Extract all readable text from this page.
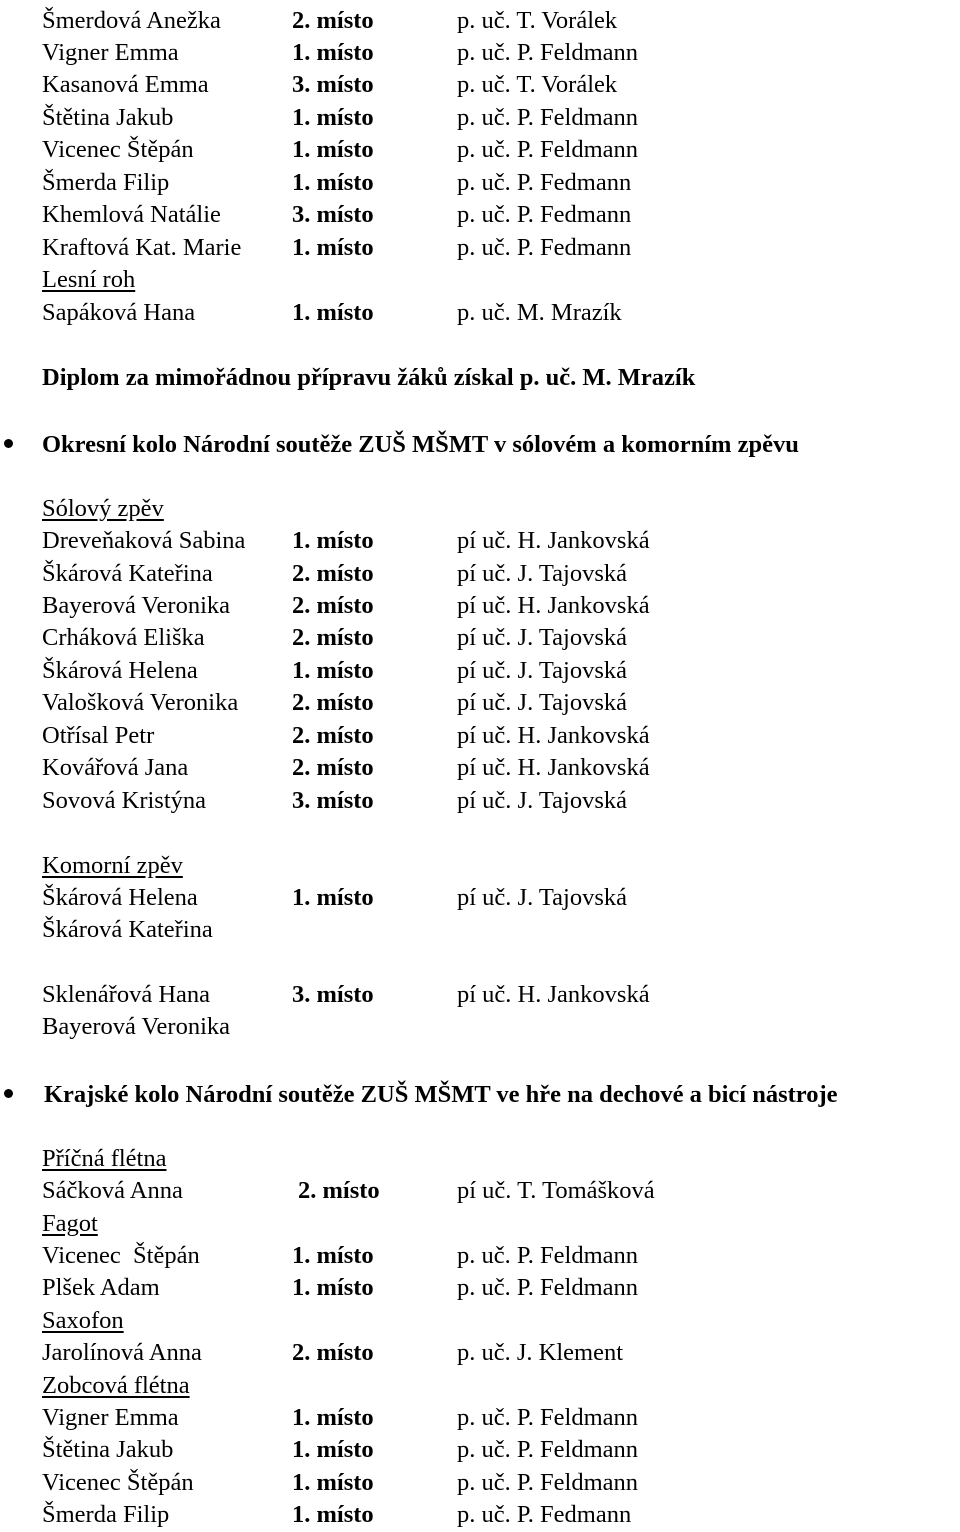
Šmerdová Anežka	2. místo	p. uč. T. Vorálek
Vigner Emma	1. místo	p. uč. P. Feldmann
Kasanová Emma	3. místo	p. uč. T. Vorálek
Štětina Jakub	1. místo	p. uč. P. Feldmann
Vicenec Štěpán	1. místo	p. uč. P. Feldmann
Šmerda Filip	1. místo	p. uč. P. Fedmann
Khemlová Natálie	3. místo	p. uč. P. Fedmann
Kraftová Kat. Marie 1. místo	p. uč. P. Fedmann
Lesní roh
Sapáková Hana	1. místo	p. uč. M. Mrazík
Diplom za mimořádnou přípravu žáků získal p. uč. M. Mrazík
Okresní kolo Národní soutěže ZUŠ MŠMT v sólovém a komorním zpěvu
Sólový zpěv
Dreveňaková Sabina 1. místo	pí uč. H. Jankovská
Škárová Kateřina	2. místo	pí uč. J. Tajovská
Bayerová Veronika	2. místo	pí uč. H. Jankovská
Crháková Eliška	2. místo	pí uč. J. Tajovská
Škárová Helena	1. místo	pí uč. J. Tajovská
Valošková Veronika 2. místo	pí uč. J. Tajovská
Otřísal Petr	2. místo	pí uč. H. Jankovská
Kovářová Jana	2. místo	pí uč. H. Jankovská
Sovová Kristýna	3. místo	pí uč. J. Tajovská
Komorní zpěv
Škárová Helena	1. místo	pí uč. J. Tajovská
Škárová Kateřina
Sklenářová Hana	3. místo	pí uč. H. Jankovská
Bayerová Veronika
Krajské kolo Národní soutěže ZUŠ MŠMT ve hře na dechové a bicí nástroje
Příčná flétna
Sáčková Anna	2. místo	pí uč. T. Tomášková
Fagot
Vicenec  Štěpán	1. místo	p. uč. P. Feldmann
Plšek Adam	1. místo	p. uč. P. Feldmann
Saxofon
Jarolínová Anna	2. místo	p. uč. J. Klement
Zobcová flétna
Vigner Emma	1. místo	p. uč. P. Feldmann
Štětina Jakub	1. místo	p. uč. P. Feldmann
Vicenec Štěpán	1. místo	p. uč. P. Feldmann
Šmerda Filip	1. místo	p. uč. P. Fedmann
